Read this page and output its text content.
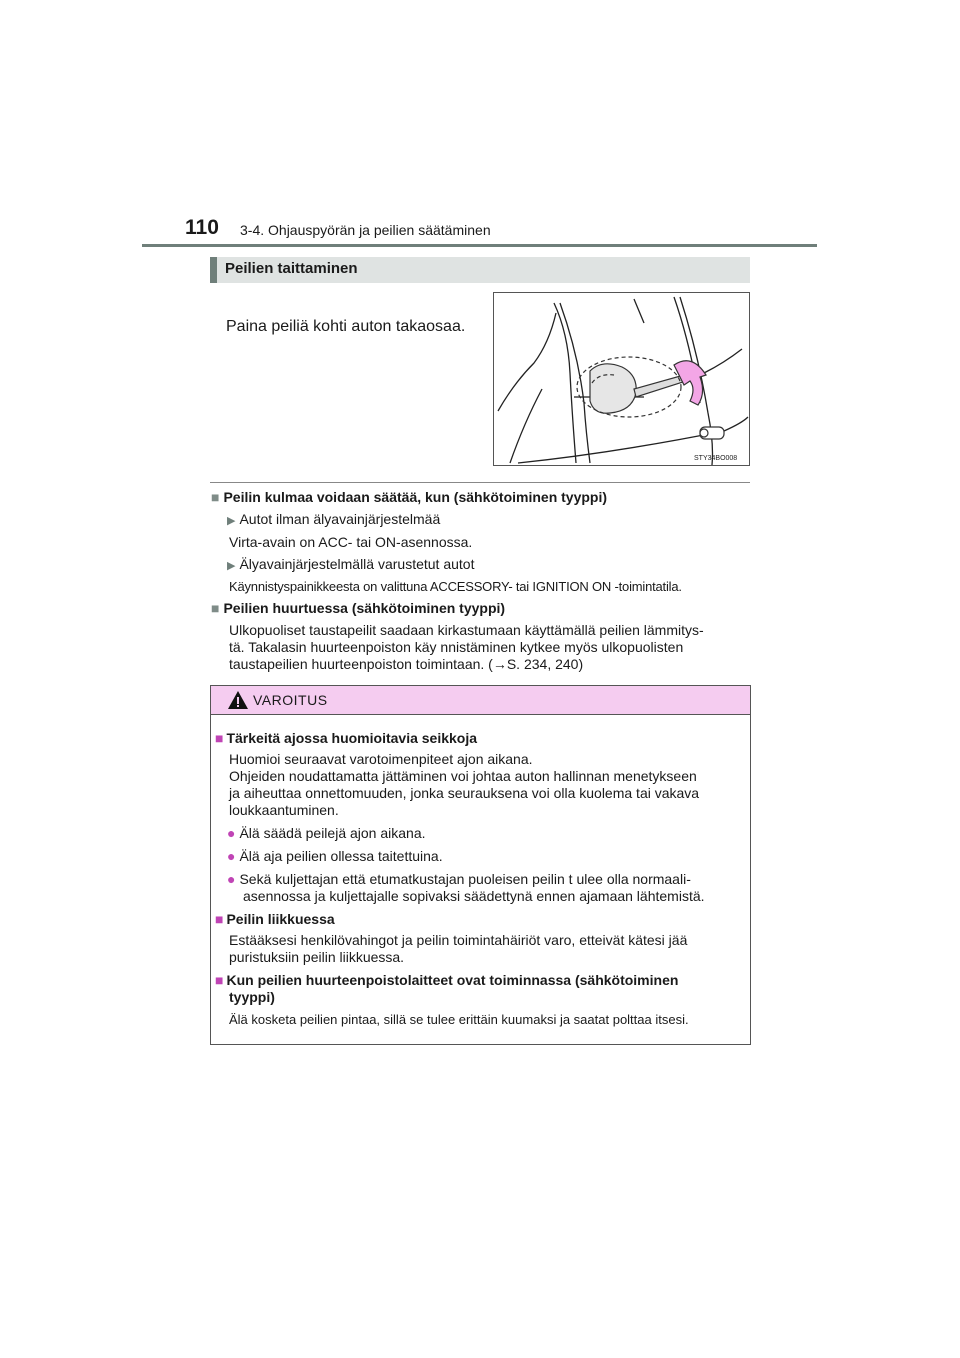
110 3-4. Ohjauspyörän ja peilien säätäminen
Peilien taittaminen
Paina peiliä kohti auton takaosaa.
STY34BO008
■ Peilin kulmaa voidaan säätää, kun (sähkötoiminen tyyppi)
▶ Autot ilman älyavainjärjestelmää
Virta-avain on ACC- tai ON-asennossa.
▶ Älyavainjärjestelmällä varustetut autot
Käynnistyspainikkeesta on valittuna ACCESSORY- tai IGNITION ON -toimintatila.
■ Peilien huurtuessa (sähkötoiminen tyyppi)
Ulkopuoliset taustapeilit saadaan kirkastumaan käyttämällä peilien lämmitys-
tä. Takalasin huurteenpoiston käy nnistäminen kytkee myös ulkopuolisten
taustapeilien huurteenpoiston toimintaan. (→S. 234, 240)
VAROITUS
■ Tärkeitä ajossa huomioitavia seikkoja
Huomioi seuraavat varotoimenpiteet ajon aikana.
Ohjeiden noudattamatta jättäminen voi johtaa auton hallinnan menetykseen
ja aiheuttaa onnettomuuden, jonka seurauksena voi olla kuolema tai vakava
loukkaantuminen.
● Älä säädä peilejä ajon aikana.
● Älä aja peilien ollessa taitettuina.
● Sekä kuljettajan että etumatkustajan puoleisen peilin t ulee olla normaali-
asennossa ja kuljettajalle sopivaksi säädettynä ennen ajamaan lähtemistä.
■ Peilin liikkuessa
Estääksesi henkilövahingot ja peilin toimintahäiriöt varo, etteivät kätesi jää
puristuksiin peilin liikkuessa.
■ Kun peilien huurteenpoistolaitteet ovat toiminnassa (sähkötoiminen
tyyppi)
Älä kosketa peilien pintaa, sillä se tulee erittäin kuumaksi ja saatat polttaa itsesi.
